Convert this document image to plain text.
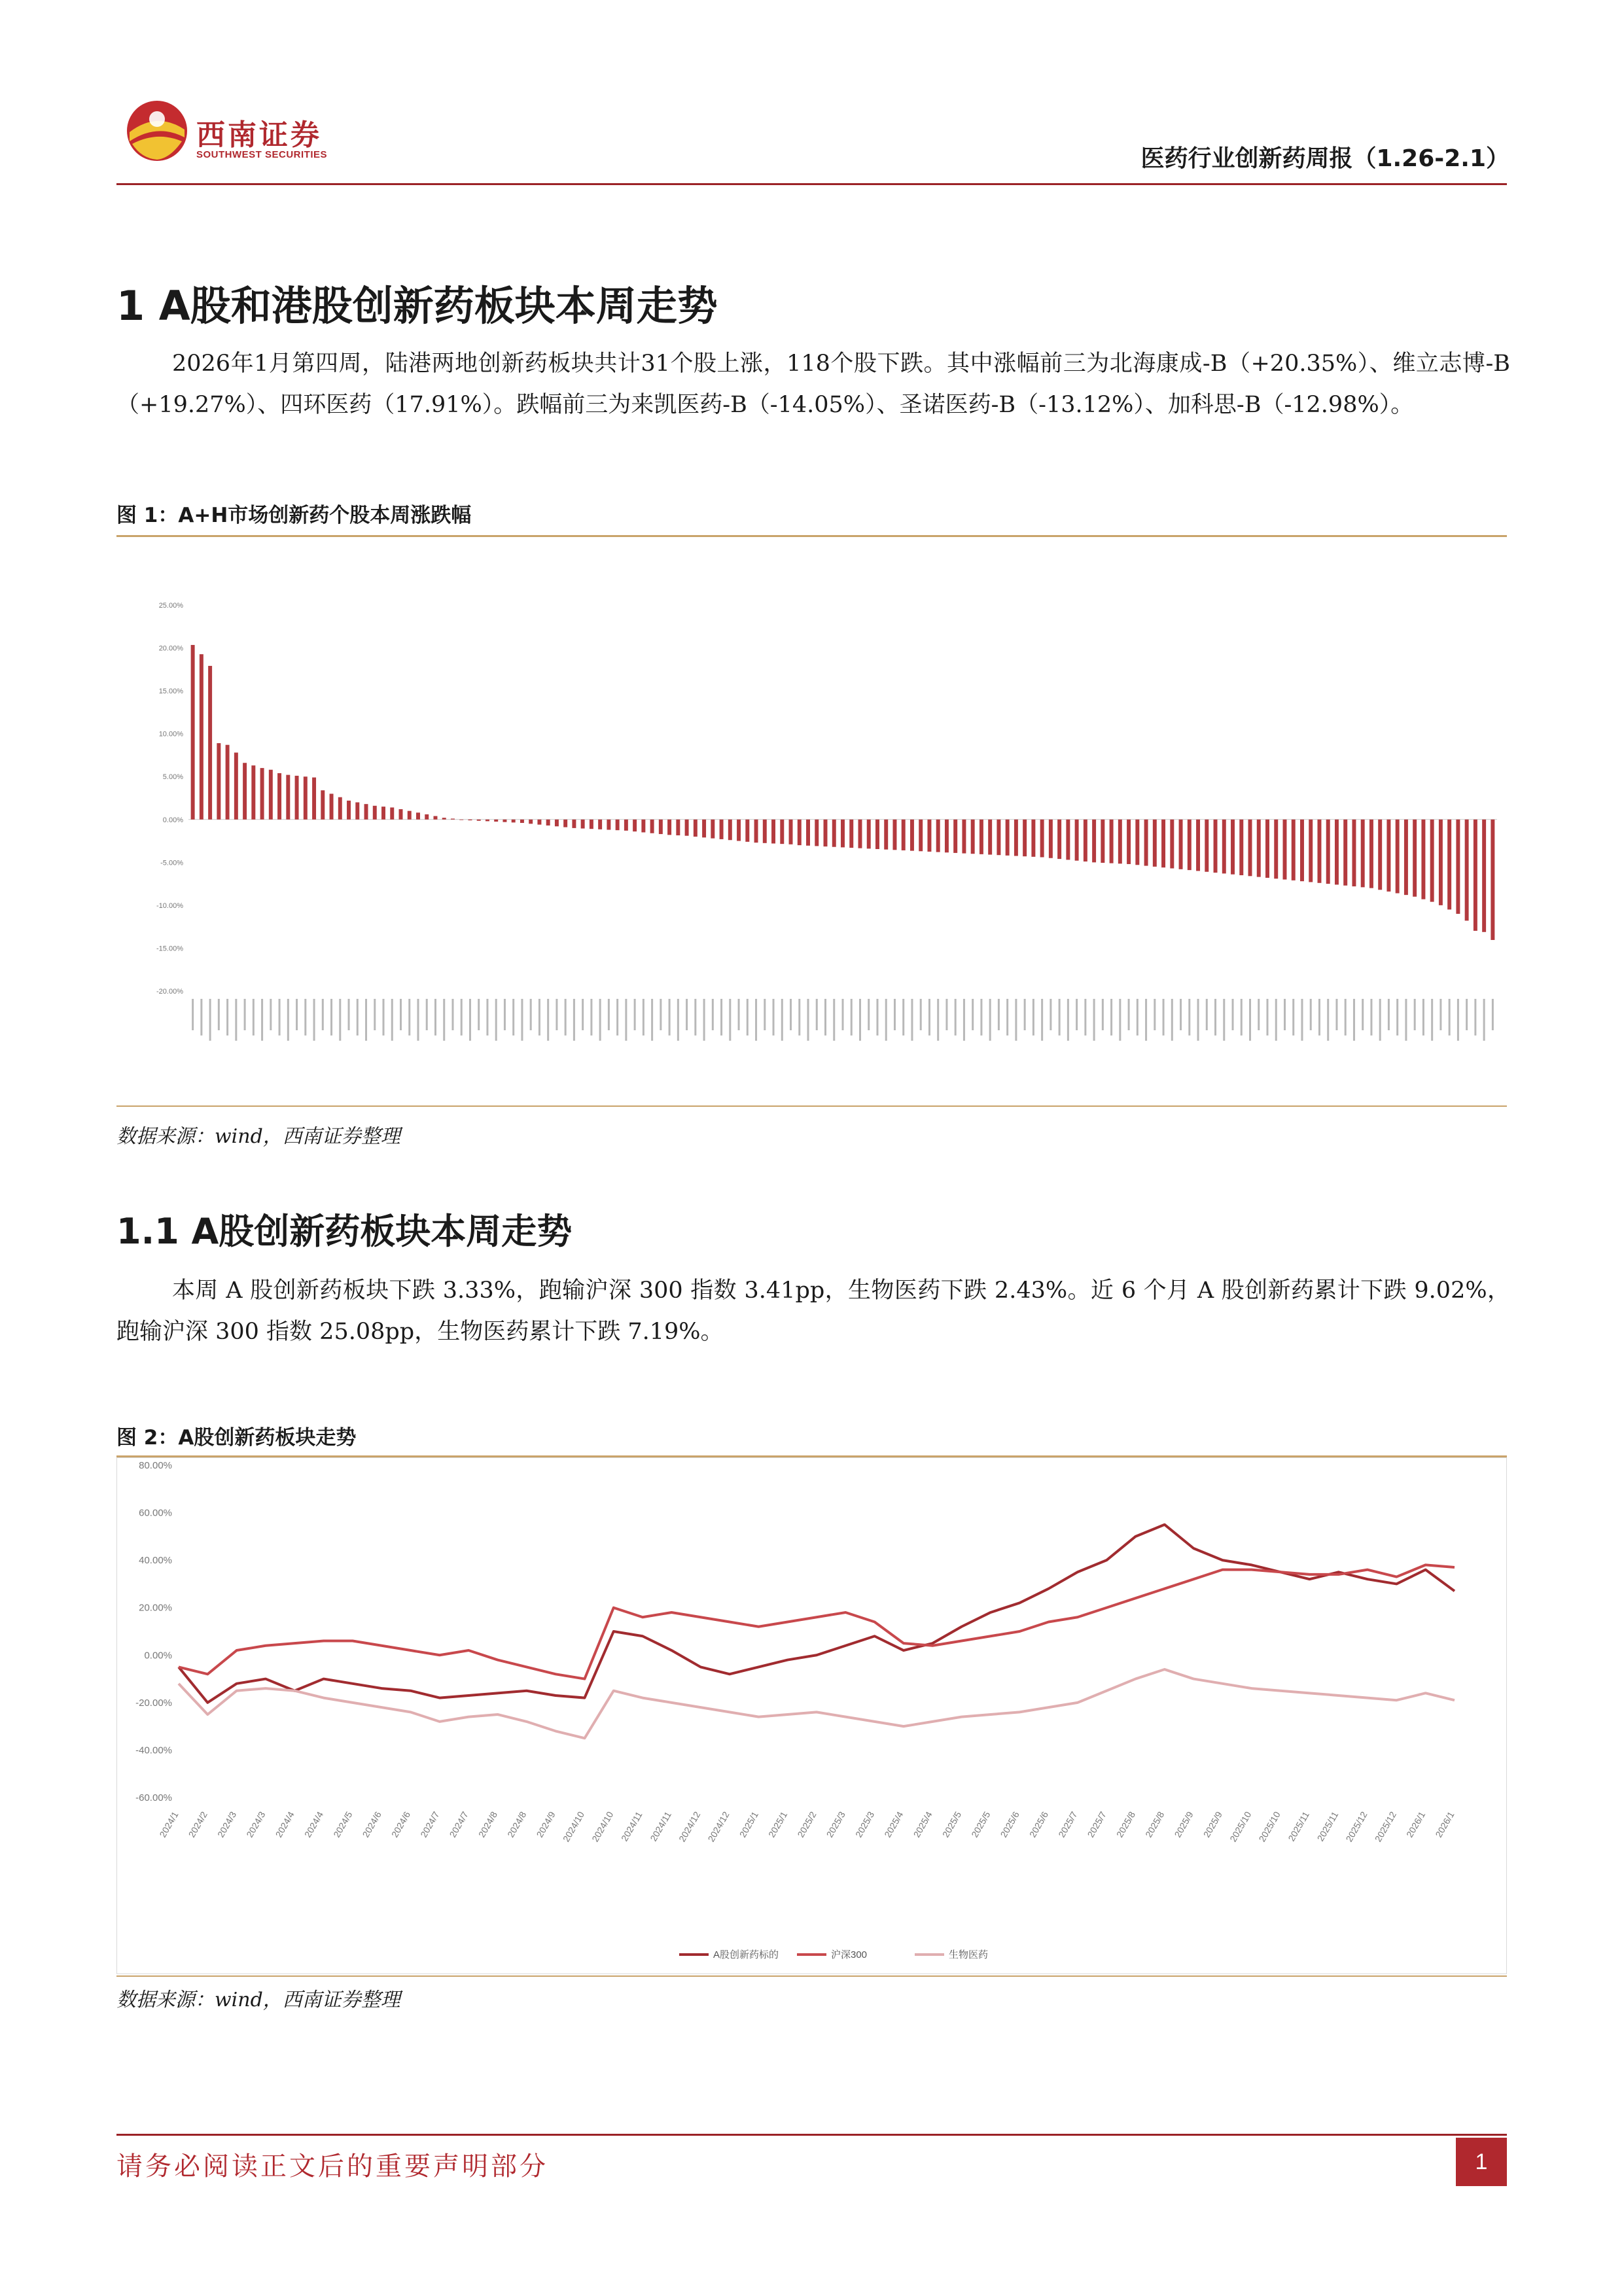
西南证券
SOUTHWEST SECURITIES	医药行业创新药周报（1.26-2.1）
1 A股和港股创新药板块本周走势

2026年1月第四周，陆港两地创新药板块共计31个股上涨，118个股下跌。其中涨幅前三为北海康成-B（+20.35%）、维立志博-B（+19.27%）、四环医药（17.91%）。跌幅前三为来凯医药-B（-14.05%）、圣诺医药-B（-13.12%）、加科思-B（-12.98%）。

图 1：A+H市场创新药个股本周涨跌幅
25.00%
20.00%
15.00%
10.00%
5.00%
0.00%
-5.00%
-10.00%
-15.00%
-20.00%
数据来源：wind，西南证券整理
1.1 A股创新药板块本周走势

本周 A 股创新药板块下跌 3.33%，跑输沪深 300 指数 3.41pp，生物医药下跌 2.43%。近 6 个月 A 股创新药累计下跌 9.02%，跑输沪深 300 指数 25.08pp，生物医药累计下跌 7.19%。

图 2：A股创新药板块走势
80.00%
60.00%
40.00%
20.00%
0.00%
-20.00%
-40.00%
-60.00%
2024/1 2024/2 2024/3 2024/3 2024/4 2024/4 2024/5 2024/6 2024/6 2024/7 2024/7 2024/8 2024/8 2024/9 2024/10 2024/10 2024/11 2024/11 2024/12 2024/12 2025/1 2025/1 2025/2 2025/3 2025/3 2025/4 2025/4 2025/5 2025/5 2025/6 2025/6 2025/7 2025/7 2025/8 2025/8 2025/9 2025/9 2025/10 2025/10 2025/11 2025/11 2025/12 2025/12 2026/1 2026/1
A股创新药标的	沪深300	生物医药
数据来源：wind，西南证券整理
请务必阅读正文后的重要声明部分	1
